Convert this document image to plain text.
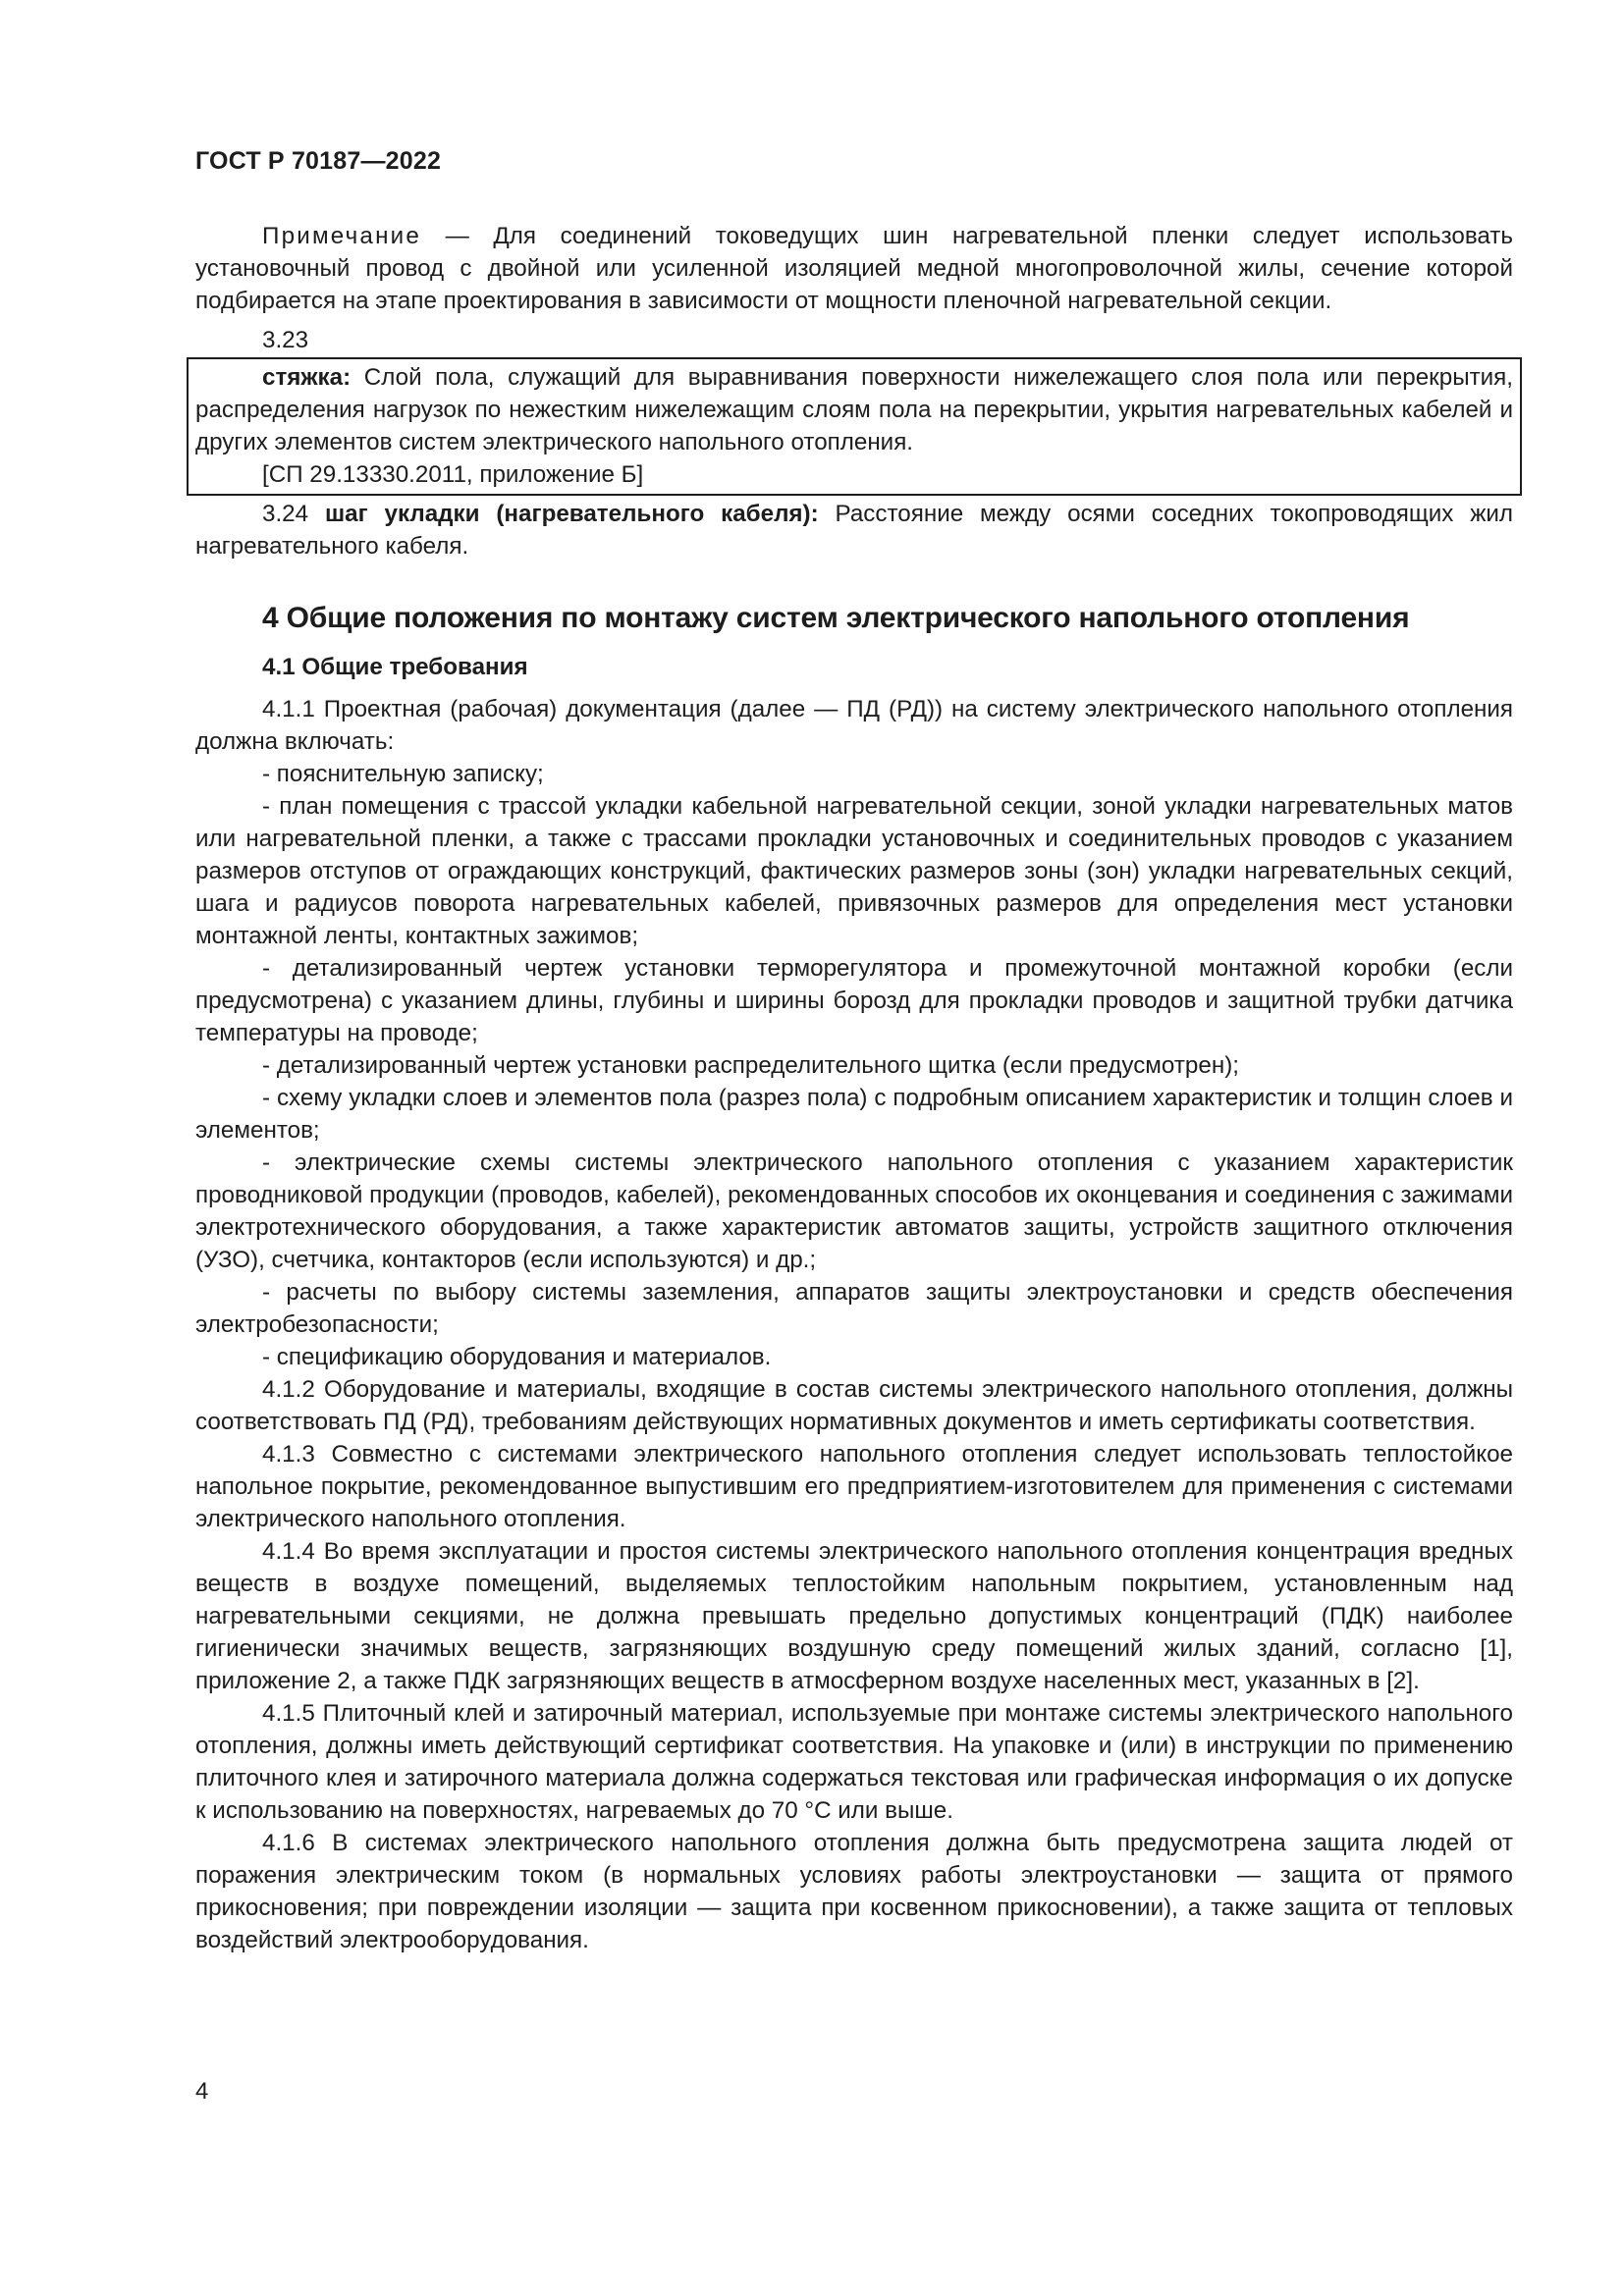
ГОСТ Р 70187—2022

Примечание — Для соединений токоведущих шин нагревательной пленки следует использовать установочный провод с двойной или усиленной изоляцией медной многопроволочной жилы, сечение которой подбирается на этапе проектирования в зависимости от мощности пленочной нагревательной секции.

3.23

стяжка: Слой пола, служащий для выравнивания поверхности нижележащего слоя пола или перекрытия, распределения нагрузок по нежестким нижележащим слоям пола на перекрытии, укрытия нагревательных кабелей и других элементов систем электрического напольного отопления.

[СП 29.13330.2011, приложение Б]

3.24 шаг укладки (нагревательного кабеля): Расстояние между осями соседних токопроводящих жил нагревательного кабеля.

4 Общие положения по монтажу систем электрического напольного отопления
4.1 Общие требования

4.1.1 Проектная (рабочая) документация (далее — ПД (РД)) на систему электрического напольного отопления должна включать:

- пояснительную записку;

- план помещения с трассой укладки кабельной нагревательной секции, зоной укладки нагревательных матов или нагревательной пленки, а также с трассами прокладки установочных и соединительных проводов с указанием размеров отступов от ограждающих конструкций, фактических размеров зоны (зон) укладки нагревательных секций, шага и радиусов поворота нагревательных кабелей, привязочных размеров для определения мест установки монтажной ленты, контактных зажимов;

- детализированный чертеж установки терморегулятора и промежуточной монтажной коробки (если предусмотрена) с указанием длины, глубины и ширины борозд для прокладки проводов и защитной трубки датчика температуры на проводе;

- детализированный чертеж установки распределительного щитка (если предусмотрен);

- схему укладки слоев и элементов пола (разрез пола) с подробным описанием характеристик и толщин слоев и элементов;

- электрические схемы системы электрического напольного отопления с указанием характеристик проводниковой продукции (проводов, кабелей), рекомендованных способов их оконцевания и соединения с зажимами электротехнического оборудования, а также характеристик автоматов защиты, устройств защитного отключения (УЗО), счетчика, контакторов (если используются) и др.;

- расчеты по выбору системы заземления, аппаратов защиты электроустановки и средств обеспечения электробезопасности;

- спецификацию оборудования и материалов.

4.1.2 Оборудование и материалы, входящие в состав системы электрического напольного отопления, должны соответствовать ПД (РД), требованиям действующих нормативных документов и иметь сертификаты соответствия.

4.1.3 Совместно с системами электрического напольного отопления следует использовать теплостойкое напольное покрытие, рекомендованное выпустившим его предприятием-изготовителем для применения с системами электрического напольного отопления.

4.1.4 Во время эксплуатации и простоя системы электрического напольного отопления концентрация вредных веществ в воздухе помещений, выделяемых теплостойким напольным покрытием, установленным над нагревательными секциями, не должна превышать предельно допустимых концентраций (ПДК) наиболее гигиенически значимых веществ, загрязняющих воздушную среду помещений жилых зданий, согласно [1], приложение 2, а также ПДК загрязняющих веществ в атмосферном воздухе населенных мест, указанных в [2].

4.1.5 Плиточный клей и затирочный материал, используемые при монтаже системы электрического напольного отопления, должны иметь действующий сертификат соответствия. На упаковке и (или) в инструкции по применению плиточного клея и затирочного материала должна содержаться текстовая или графическая информация о их допуске к использованию на поверхностях, нагреваемых до 70 °С или выше.

4.1.6 В системах электрического напольного отопления должна быть предусмотрена защита людей от поражения электрическим током (в нормальных условиях работы электроустановки — защита от прямого прикосновения; при повреждении изоляции — защита при косвенном прикосновении), а также защита от тепловых воздействий электрооборудования.

4
